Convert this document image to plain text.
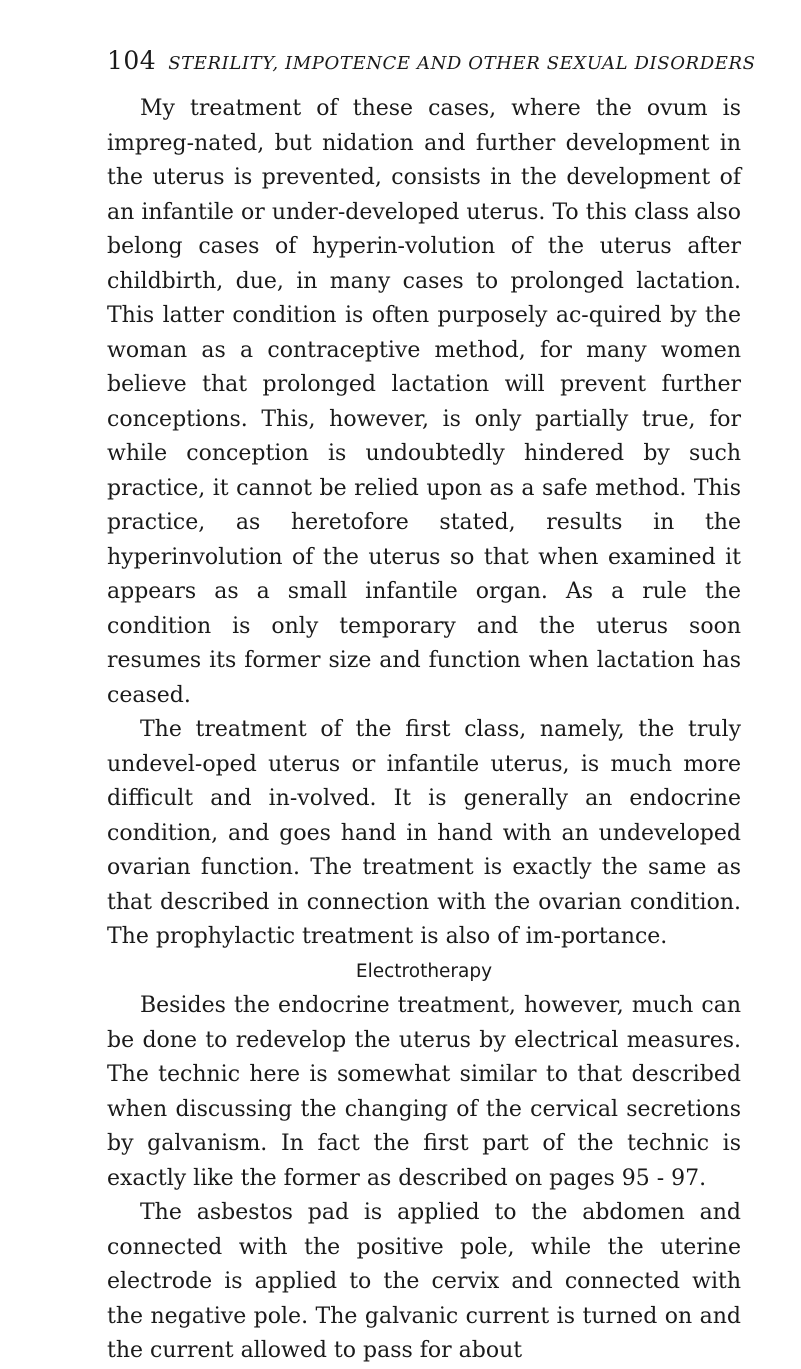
104 STERILITY, IMPOTENCE AND OTHER SEXUAL DISORDERS

My treatment of these cases, where the ovum is impreg-nated, but nidation and further development in the uterus is prevented, consists in the development of an infantile or under-developed uterus. To this class also belong cases of hyperin-volution of the uterus after childbirth, due, in many cases to prolonged lactation. This latter condition is often purposely ac-quired by the woman as a contraceptive method, for many women believe that prolonged lactation will prevent further conceptions. This, however, is only partially true, for while conception is undoubtedly hindered by such practice, it cannot be relied upon as a safe method. This practice, as heretofore stated, results in the hyperinvolution of the uterus so that when examined it appears as a small infantile organ. As a rule the condition is only temporary and the uterus soon resumes its former size and function when lactation has ceased.

The treatment of the first class, namely, the truly undevel-oped uterus or infantile uterus, is much more difficult and in-volved. It is generally an endocrine condition, and goes hand in hand with an undeveloped ovarian function. The treatment is exactly the same as that described in connection with the ovarian condition. The prophylactic treatment is also of im-portance.

Electrotherapy

Besides the endocrine treatment, however, much can be done to redevelop the uterus by electrical measures. The technic here is somewhat similar to that described when discussing the changing of the cervical secretions by galvanism. In fact the first part of the technic is exactly like the former as described on pages 95 - 97.

The asbestos pad is applied to the abdomen and connected with the positive pole, while the uterine electrode is applied to the cervix and connected with the negative pole. The galvanic current is turned on and the current allowed to pass for about
